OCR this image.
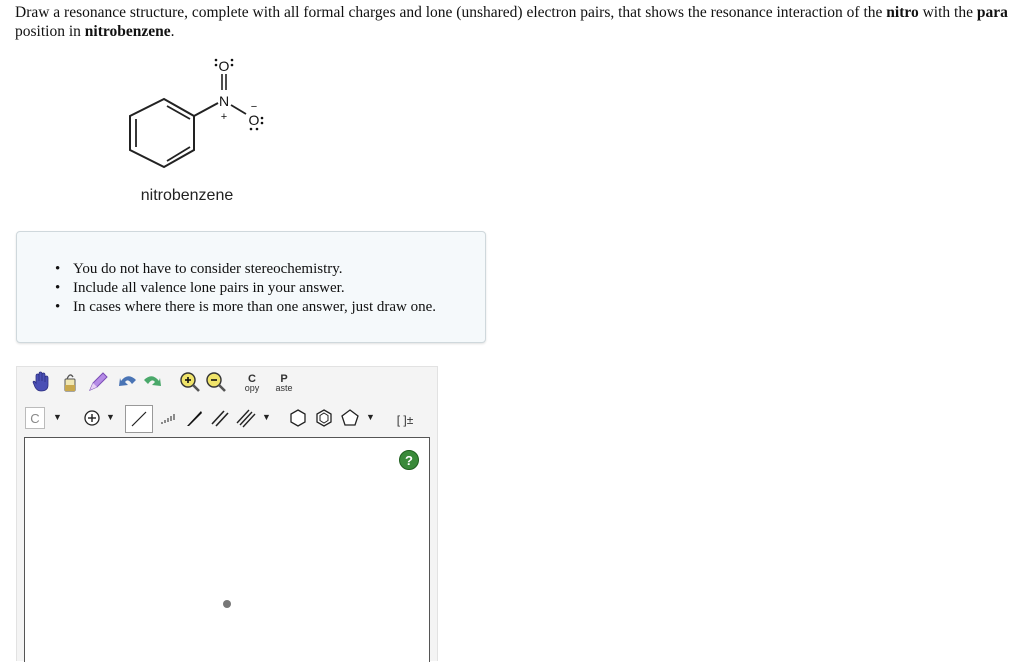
Draw a resonance structure, complete with all formal charges and lone (unshared) electron pairs, that shows the resonance interaction of the nitro with the para position in nitrobenzene.
O
N
+ O
−
nitrobenzene
• You do not have to consider stereochemistry.
• Include all valence lone pairs in your answer.
• In cases where there is more than one answer, just draw one.
C
opy
P
aste
C	▼	▼	▼	▼ [ ]±
?
